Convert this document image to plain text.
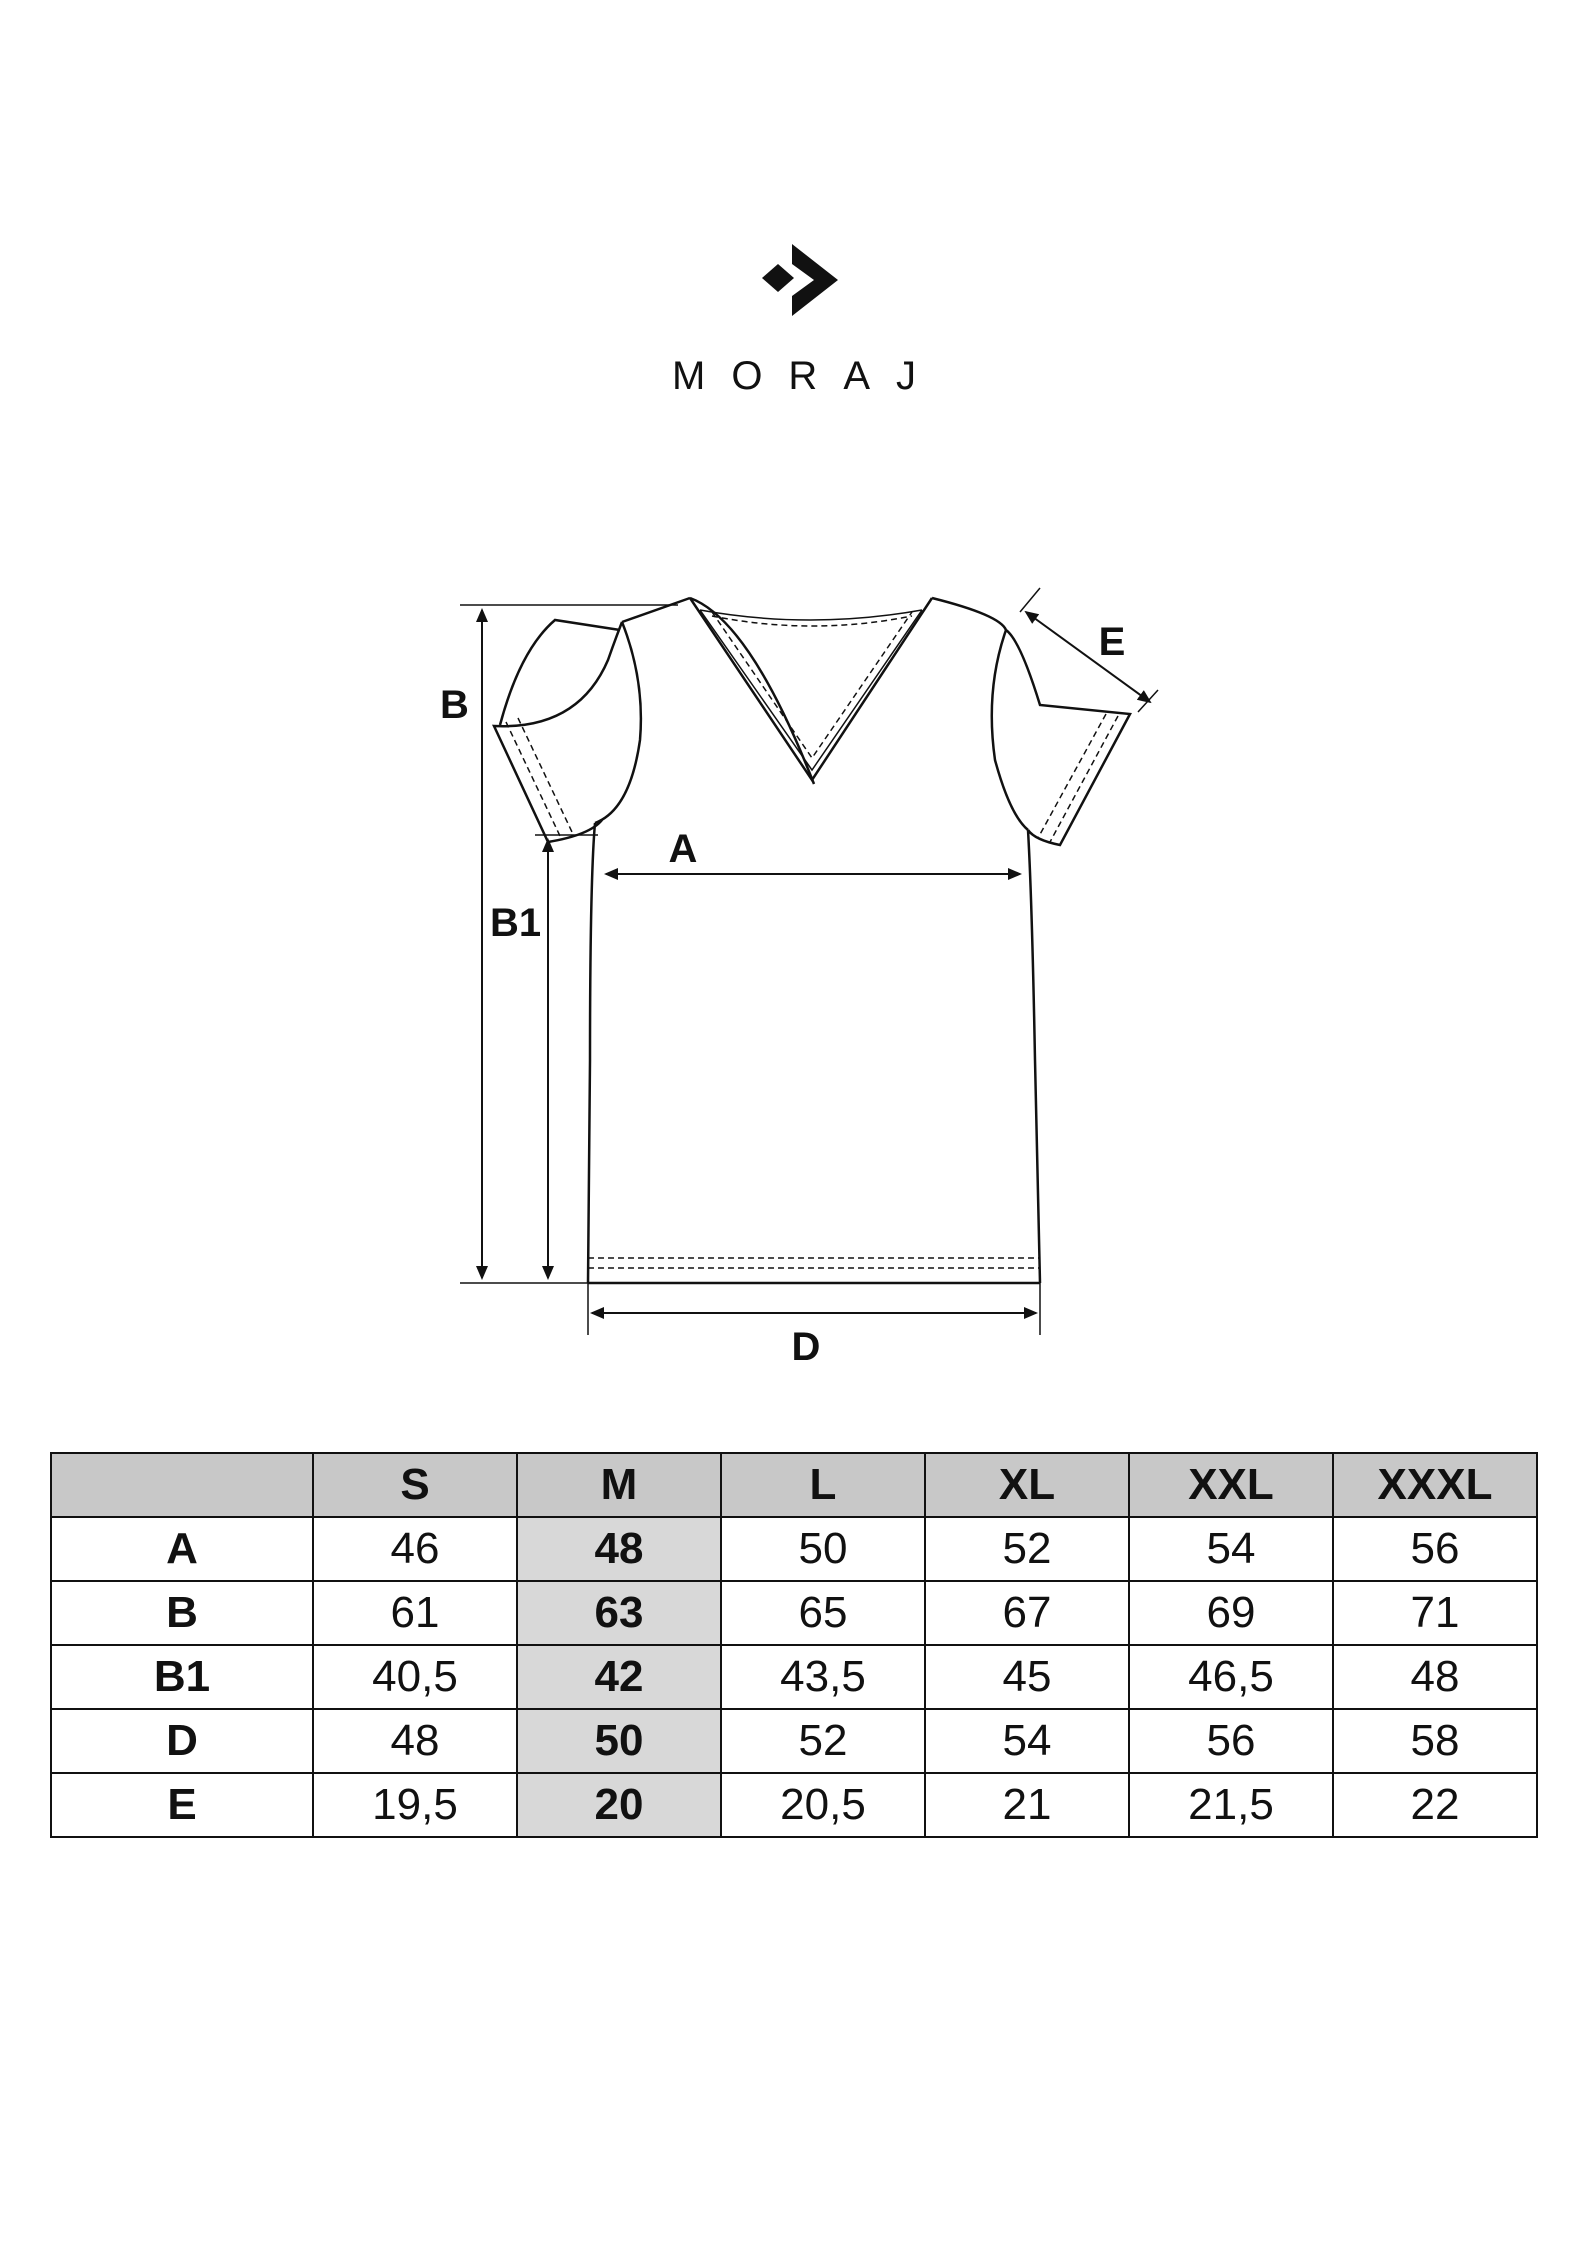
MORAJ
B
B1
A
D
E
	S	M	L	XL	XXL	XXXL
A	46	48	50	52	54	56
B	61	63	65	67	69	71
B1	40,5	42	43,5	45	46,5	48
D	48	50	52	54	56	58
E	19,5	20	20,5	21	21,5	22
